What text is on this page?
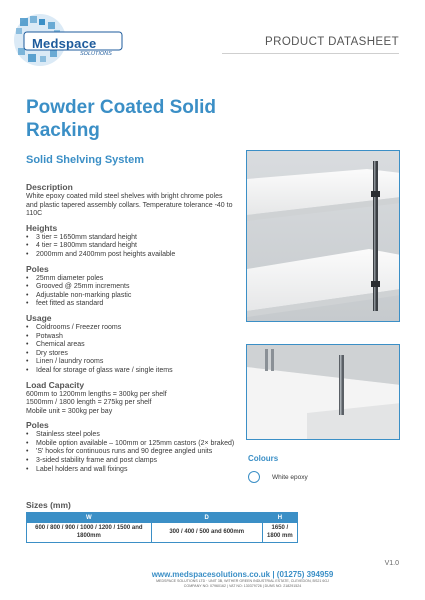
Medspace
SOLUTIONS
PRODUCT DATASHEET
Powder Coated Solid Racking
Solid Shelving System
Description

White epoxy coated mild steel shelves with bright chrome poles and plastic tapered assembly collars. Temperature tolerance -40 to 110C

Heights
• 3 tier = 1650mm standard height
• 4 tier = 1800mm standard height
• 2000mm and 2400mm post heights available
Poles
• 25mm diameter poles
• Grooved @ 25mm increments
• Adjustable non-marking plastic
• feet fitted as standard
Usage
• Coldrooms / Freezer rooms
• Potwash
• Chemical areas
• Dry stores
• Linen / laundry rooms
• Ideal for storage of glass ware / single items
Load Capacity

600mm to 1200mm lengths = 300kg per shelf

1500mm / 1800 length = 275kg per shelf

Mobile unit = 300kg per bay

Poles
• Stainless steel poles
• Mobile option available – 100mm or 125mm castors (2× braked)
• 'S' hooks for continuous runs and 90 degree angled units
• 3-sided stability frame and post clamps
• Label holders and wall fixings
Colours
White epoxy
Sizes (mm)
W	D	H
600 / 800 / 900 / 1000 / 1200 / 1500 and 1800mm	300 / 400 / 500 and 600mm	1650 / 1800 mm
V1.0
www.medspacesolutions.co.uk | (01275) 394959
MEDSPACE SOLUTIONS LTD · UNIT 3B, WITHER GREEN INDUSTRIAL ESTATE, CLEVEDON, BS21 6GJ
COMPANY NO: 07960162 | VAT NO: 130379726 | DUNS NO: 218291524
